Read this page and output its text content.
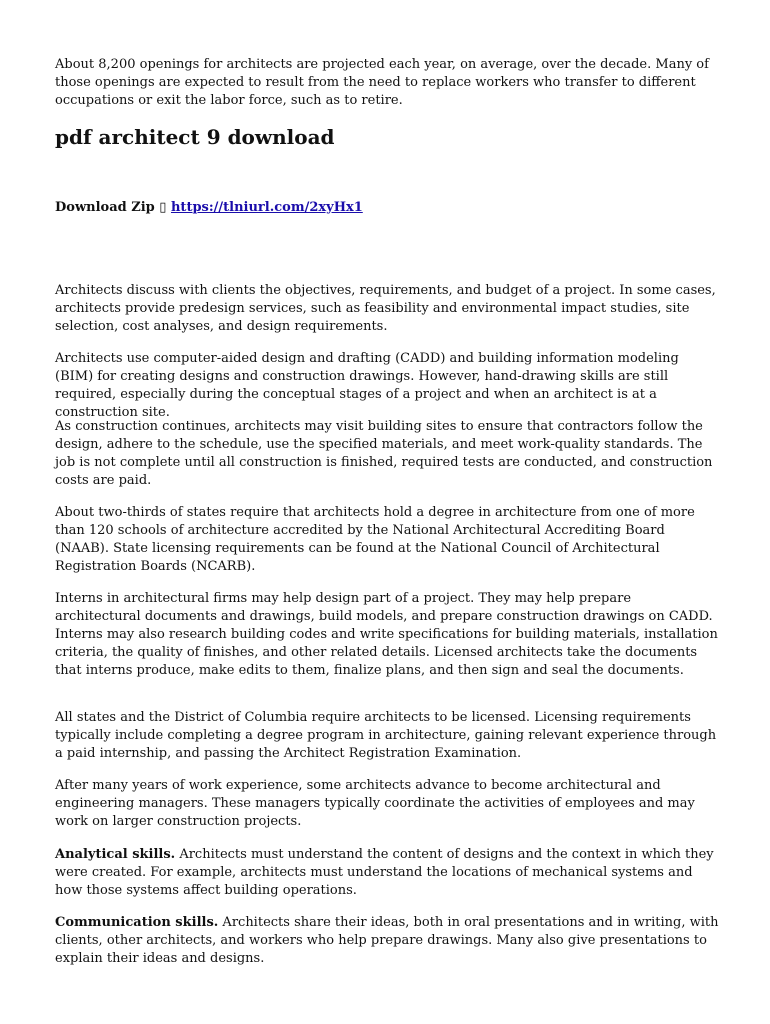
About 8,200 openings for architects are projected each year, on average, over the decade. Many of those openings are expected to result from the need to replace workers who transfer to different occupations or exit the labor force, such as to retire.

pdf architect 9 download

Download Zip ▯ https://tlniurl.com/2xyHx1

Architects discuss with clients the objectives, requirements, and budget of a project. In some cases, architects provide predesign services, such as feasibility and environmental impact studies, site selection, cost analyses, and design requirements.

Architects use computer-aided design and drafting (CADD) and building information modeling (BIM) for creating designs and construction drawings. However, hand-drawing skills are still required, especially during the conceptual stages of a project and when an architect is at a construction site.

As construction continues, architects may visit building sites to ensure that contractors follow the design, adhere to the schedule, use the specified materials, and meet work-quality standards. The job is not complete until all construction is finished, required tests are conducted, and construction costs are paid.

About two-thirds of states require that architects hold a degree in architecture from one of more than 120 schools of architecture accredited by the National Architectural Accrediting Board (NAAB). State licensing requirements can be found at the National Council of Architectural Registration Boards (NCARB).

Interns in architectural firms may help design part of a project. They may help prepare architectural documents and drawings, build models, and prepare construction drawings on CADD. Interns may also research building codes and write specifications for building materials, installation criteria, the quality of finishes, and other related details. Licensed architects take the documents that interns produce, make edits to them, finalize plans, and then sign and seal the documents.

All states and the District of Columbia require architects to be licensed. Licensing requirements typically include completing a degree program in architecture, gaining relevant experience through a paid internship, and passing the Architect Registration Examination.

After many years of work experience, some architects advance to become architectural and engineering managers. These managers typically coordinate the activities of employees and may work on larger construction projects.

Analytical skills. Architects must understand the content of designs and the context in which they were created. For example, architects must understand the locations of mechanical systems and how those systems affect building operations.

Communication skills. Architects share their ideas, both in oral presentations and in writing, with clients, other architects, and workers who help prepare drawings. Many also give presentations to explain their ideas and designs.
